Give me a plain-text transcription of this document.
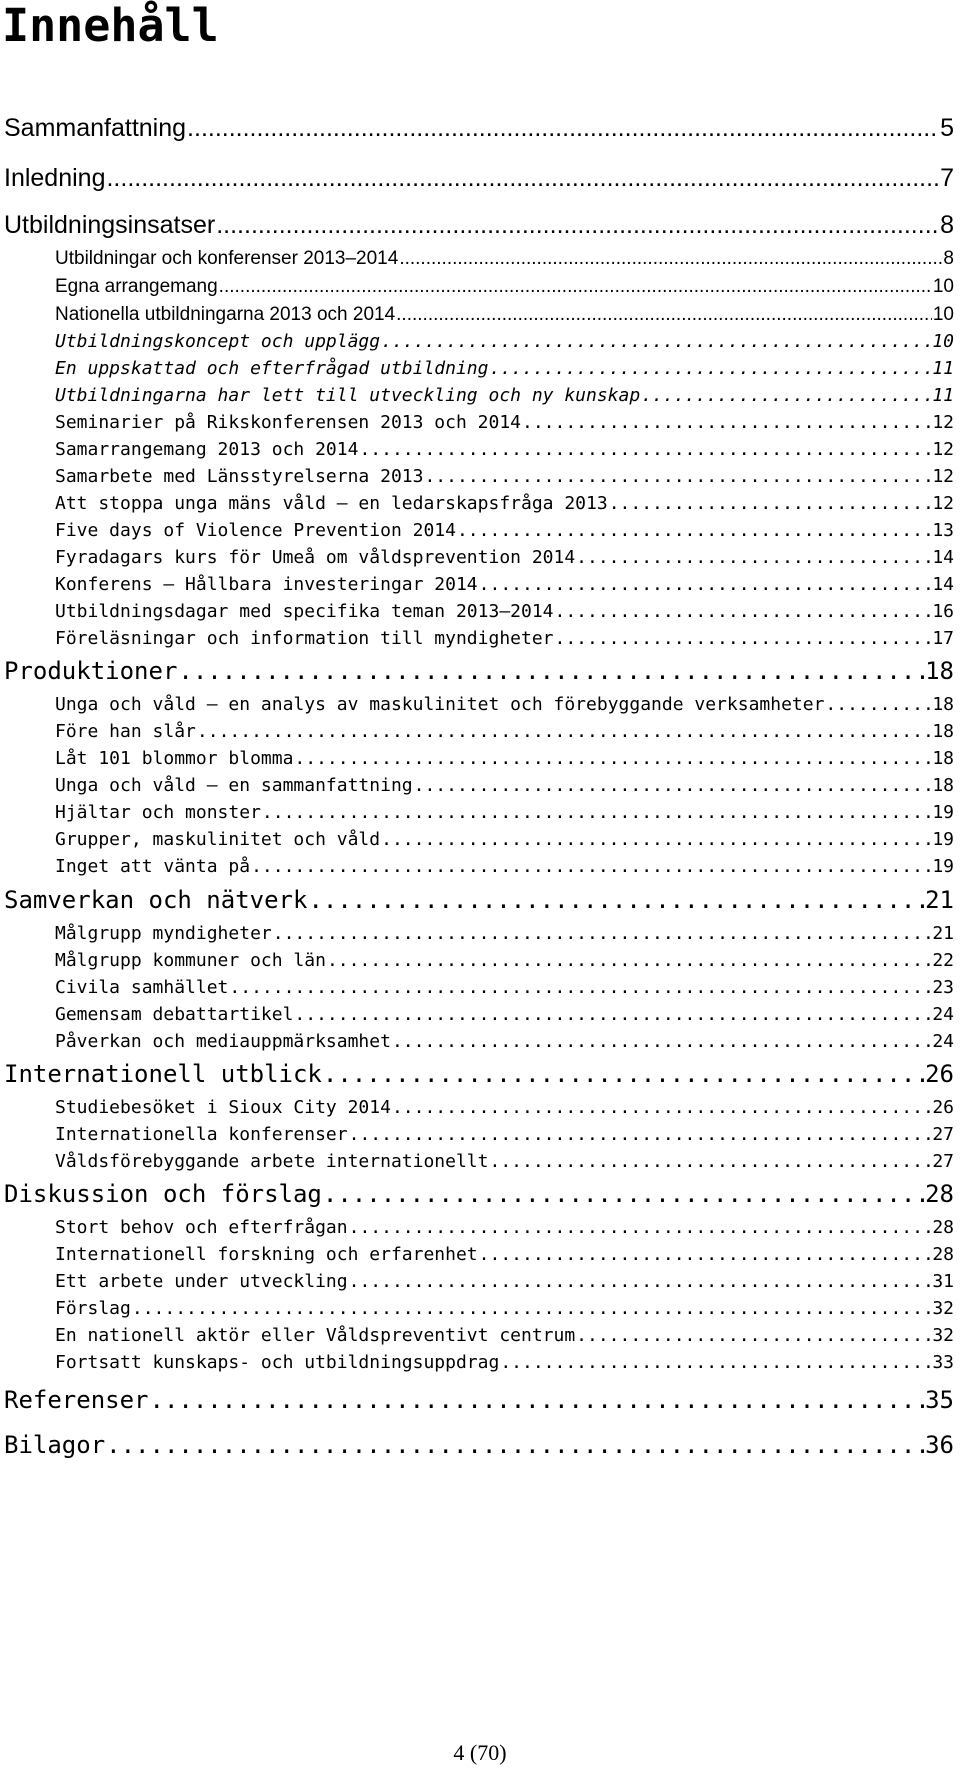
Innehåll
Sammanfattning .....	5
Inledning .....	7
Utbildningsinsatser .....	8
Utbildningar och konferenser 2013–2014 .....	8
Egna arrangemang .....	10
Nationella utbildningarna 2013 och 2014 .....	10
Utbildningskoncept och upplägg .....	10
En uppskattad och efterfrågad utbildning .....	11
Utbildningarna har lett till utveckling och ny kunskap .....	11
Seminarier på Rikskonferensen 2013 och 2014 .....	12
Samarrangemang 2013 och 2014 .....	12
Samarbete med Länsstyrelserna 2013 .....	12
Att stoppa unga mäns våld — en ledarskapsfråga 2013 .....	12
Five days of Violence Prevention 2014 .....	13
Fyradagars kurs för Umeå om våldsprevention 2014 .....	14
Konferens — Hållbara investeringar 2014 .....	14
Utbildningsdagar med specifika teman 2013—2014 .....	16
Föreläsningar och information till myndigheter .....	17
Produktioner .....	18
Unga och våld — en analys av maskulinitet och förebyggande verksamheter .....	18
Före han slår .....	18
Låt 101 blommor blomma .....	18
Unga och våld — en sammanfattning .....	18
Hjältar och monster .....	19
Grupper, maskulinitet och våld .....	19
Inget att vänta på .....	19
Samverkan och nätverk .....	21
Målgrupp myndigheter .....	21
Målgrupp kommuner och län .....	22
Civila samhället .....	23
Gemensam debattartikel .....	24
Påverkan och mediauppmärksamhet .....	24
Internationell utblick .....	26
Studiebesöket i Sioux City 2014 .....	26
Internationella konferenser .....	27
Våldsförebyggande arbete internationellt .....	27
Diskussion och förslag .....	28
Stort behov och efterfrågan .....	28
Internationell forskning och erfarenhet .....	28
Ett arbete under utveckling .....	31
Förslag .....	32
En nationell aktör eller Våldspreventivt centrum .....	32
Fortsatt kunskaps- och utbildningsuppdrag .....	33
Referenser .....	35
Bilagor .....	36
4 (70)
